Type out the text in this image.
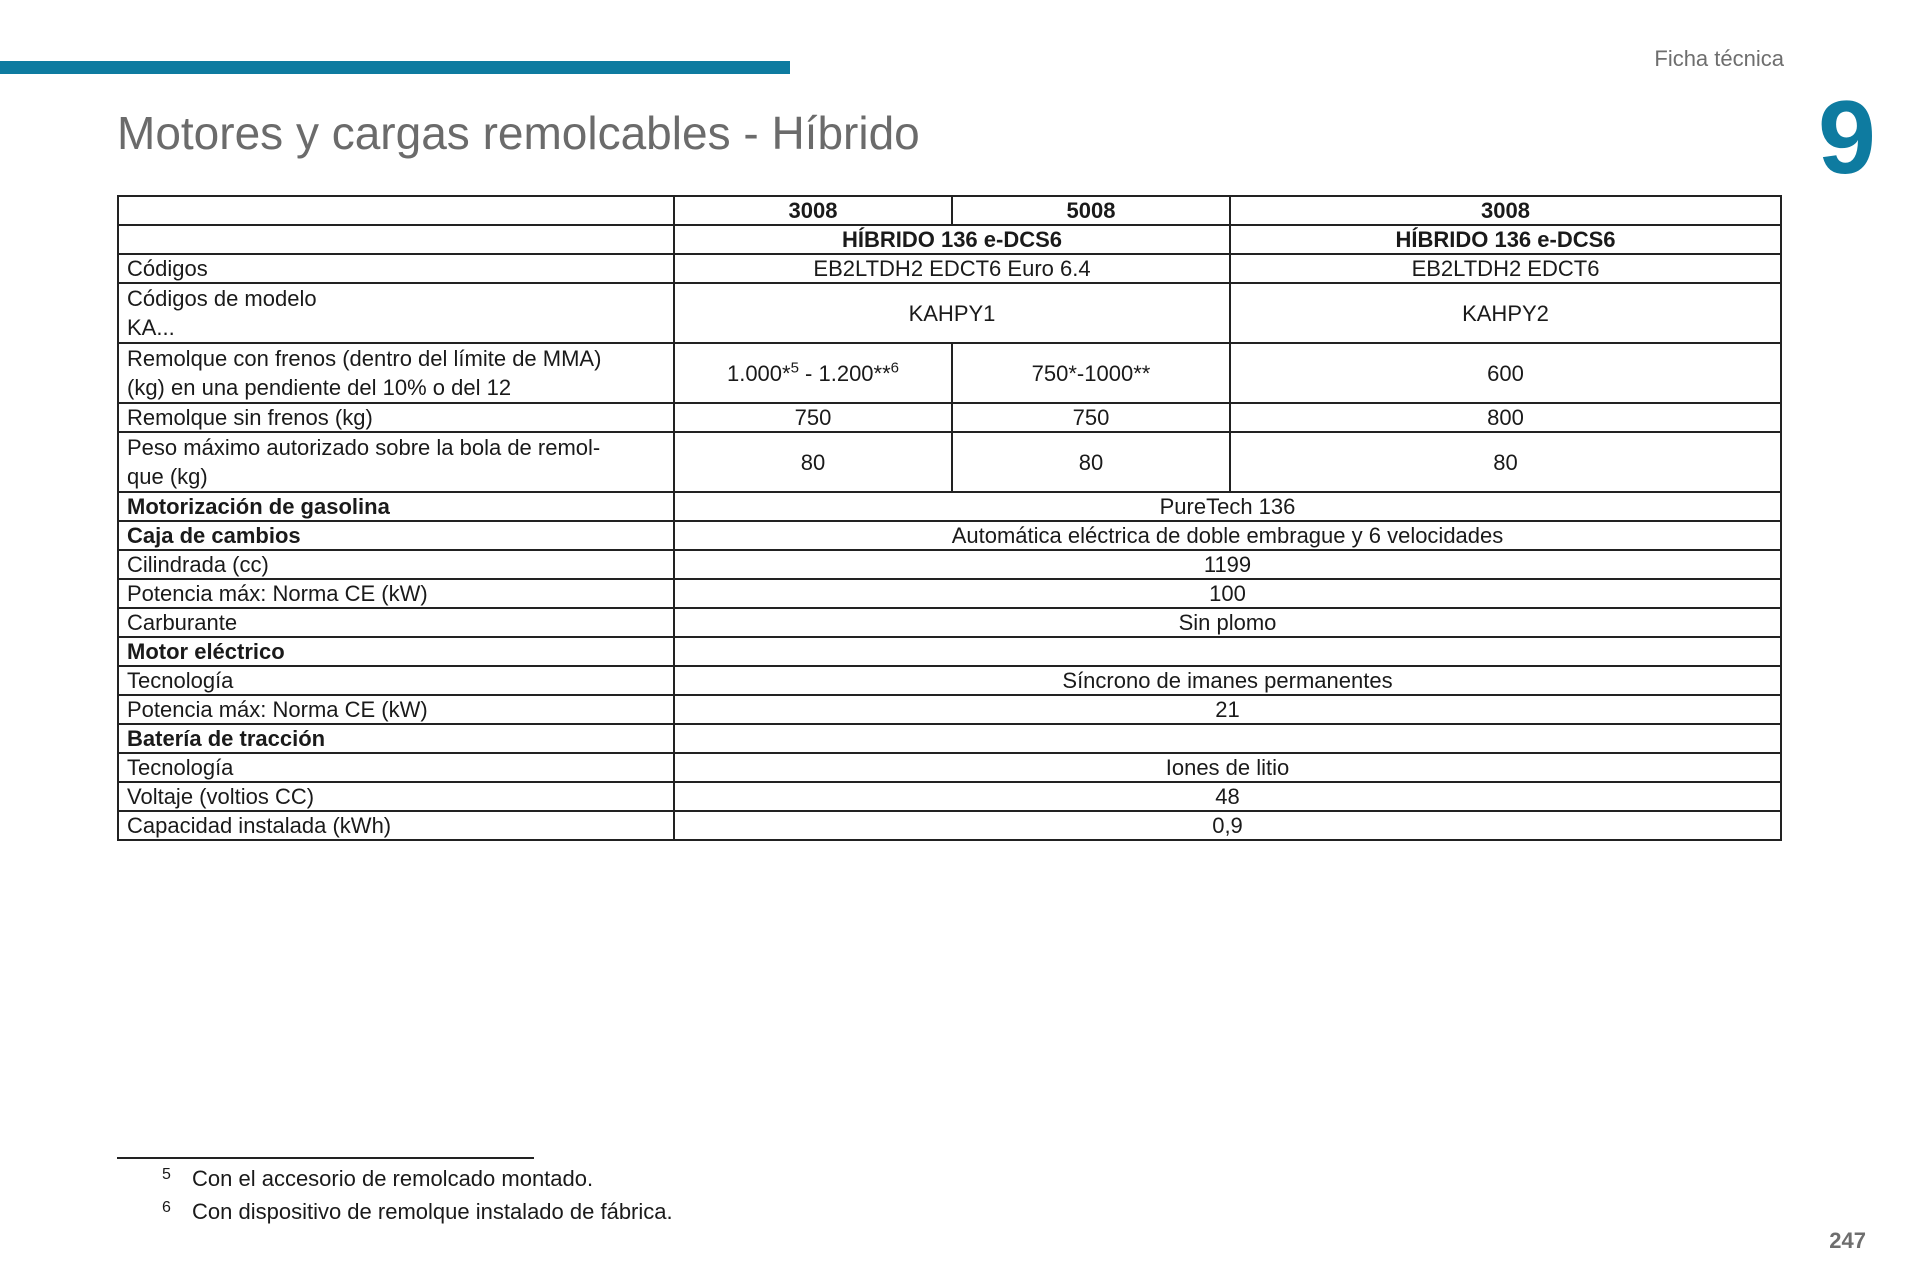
Ficha técnica
9
Motores y cargas remolcables - Híbrido
	3008	5008	3008
	HÍBRIDO 136 e-DCS6		HÍBRIDO 136 e-DCS6
Códigos	EB2LTDH2 EDCT6 Euro 6.4		EB2LTDH2 EDCT6

Códigos de modelo
KA...	KAHPY1		KAHPY2

Remolque con frenos (dentro del límite de MMA)
(kg) en una pendiente del 10% o del 12	1.000*$^5$ - 1.200**$^6$	750*-1000**	600
Remolque sin frenos (kg)	750	750	800

Peso máximo autorizado sobre la bola de remol-
que (kg)	80	80	80
Motorización de gasolina	PureTech 136		
Caja de cambios	Automática eléctrica de doble embrague y 6 velocidades		
Cilindrada (cc)	1199		
Potencia máx: Norma CE (kW)	100		
Carburante	Sin plomo		
Motor eléctrico			
Tecnología	Síncrono de imanes permanentes		
Potencia máx: Norma CE (kW)	21		
Batería de tracción			
Tecnología	Iones de litio		
Voltaje (voltios CC)	48		
Capacidad instalada (kWh)	0,9		
5 Con el accesorio de remolcado montado.
6 Con dispositivo de remolque instalado de fábrica.
247
